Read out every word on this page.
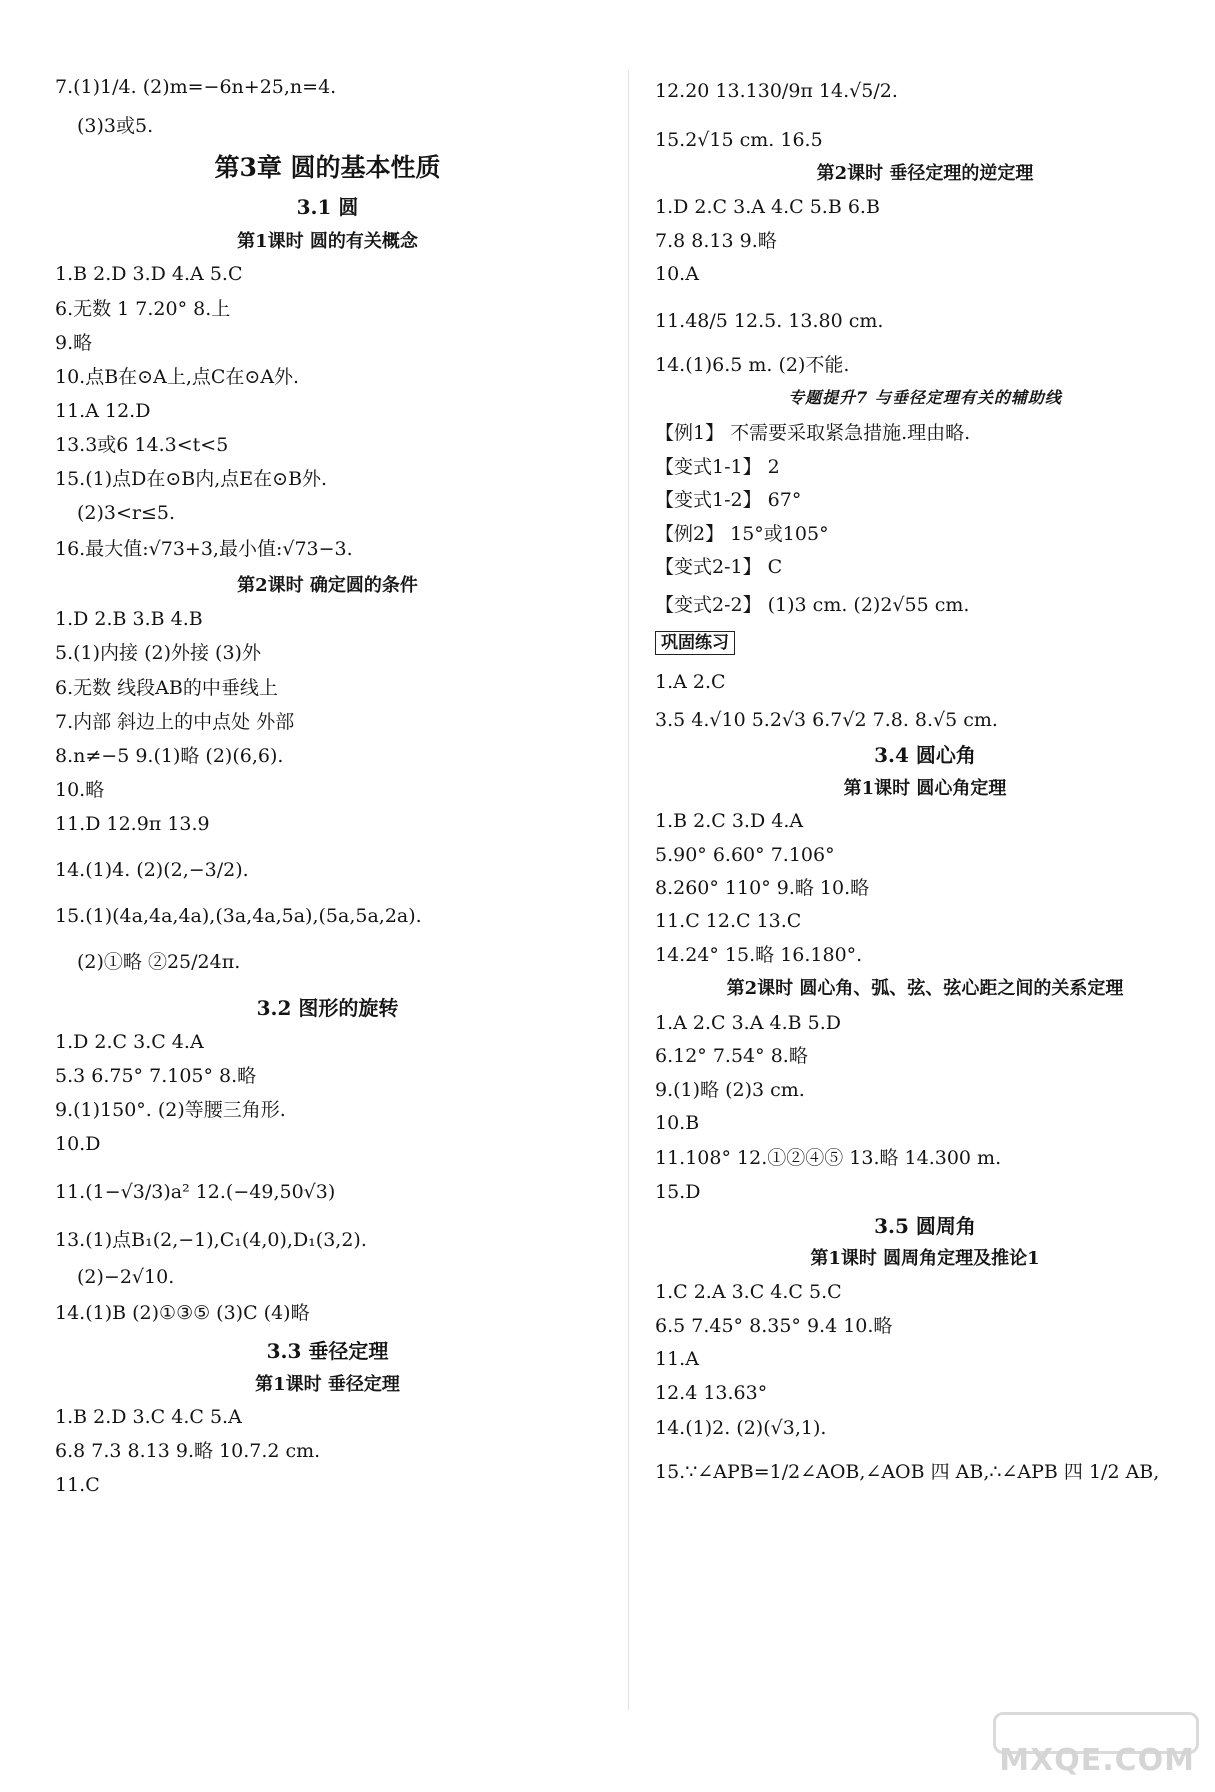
7.(1)1/4. (2)m=−6n+25,n=4.
(3)3或5.
第3章 圆的基本性质
3.1 圆
第1课时 圆的有关概念
1.B 2.D 3.D 4.A 5.C
6.无数 1 7.20° 8.上
9.略
10.点B在⊙A上,点C在⊙A外.
11.A 12.D
13.3或6 14.3<t<5
15.(1)点D在⊙B内,点E在⊙B外.
(2)3<r≤5.
16.最大值:√73+3,最小值:√73−3.
第2课时 确定圆的条件
1.D 2.B 3.B 4.B
5.(1)内接 (2)外接 (3)外
6.无数 线段AB的中垂线上
7.内部 斜边上的中点处 外部
8.n≠−5 9.(1)略 (2)(6,6).
10.略
11.D 12.9π 13.9
14.(1)4. (2)(2,−3/2).
15.(1)(4a,4a,4a),(3a,4a,5a),(5a,5a,2a).
(2)①略 ②25/24π.
3.2 图形的旋转
1.D 2.C 3.C 4.A
5.3 6.75° 7.105° 8.略
9.(1)150°. (2)等腰三角形.
10.D
11.(1−√3/3)a² 12.(−49,50√3)
13.(1)点B₁(2,−1),C₁(4,0),D₁(3,2).
(2)−2√10.
14.(1)B (2)①③⑤ (3)C (4)略
3.3 垂径定理
第1课时 垂径定理
1.B 2.D 3.C 4.C 5.A
6.8 7.3 8.13 9.略 10.7.2 cm.
11.C
12.20 13.130/9π 14.√5/2.
15.2√15 cm. 16.5
第2课时 垂径定理的逆定理
1.D 2.C 3.A 4.C 5.B 6.B
7.8 8.13 9.略
10.A
11.48/5 12.5. 13.80 cm.
14.(1)6.5 m. (2)不能.
专题提升7 与垂径定理有关的辅助线
【例1】 不需要采取紧急措施.理由略.
【变式1-1】 2
【变式1-2】 67°
【例2】 15°或105°
【变式2-1】 C
【变式2-2】 (1)3 cm. (2)2√55 cm.
巩固练习
1.A 2.C
3.5 4.√10 5.2√3 6.7√2 7.8. 8.√5 cm.
3.4 圆心角
第1课时 圆心角定理
1.B 2.C 3.D 4.A
5.90° 6.60° 7.106°
8.260° 110° 9.略 10.略
11.C 12.C 13.C
14.24° 15.略 16.180°.
第2课时 圆心角、弧、弦、弦心距之间的关系定理
1.A 2.C 3.A 4.B 5.D
6.12° 7.54° 8.略
9.(1)略 (2)3 cm.
10.B
11.108° 12.①②④⑤ 13.略 14.300 m.
15.D
3.5 圆周角
第1课时 圆周角定理及推论1
1.C 2.A 3.C 4.C 5.C
6.5 7.45° 8.35° 9.4 10.略
11.A
12.4 13.63°
14.(1)2. (2)(√3,1).
15.∵∠APB=1/2∠AOB,∠AOB 四 AB,∴∠APB 四 1/2 AB,
MXQE.COM
